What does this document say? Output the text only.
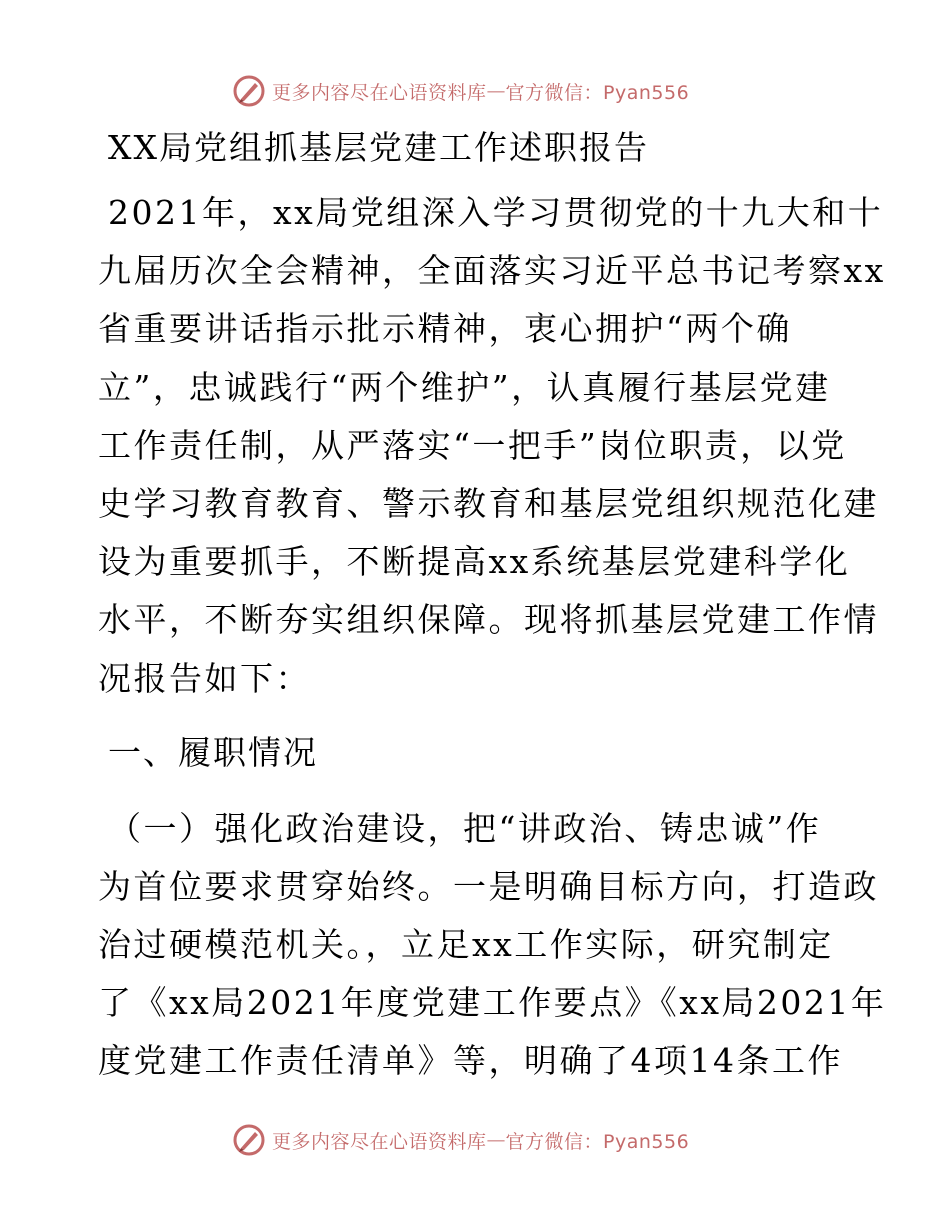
更多内容尽在心语资料库 — 官方微信：Pyan556
XX局党组抓基层党建工作述职报告
2021年，xx局党组深入学习贯彻党的十九大和十
九届历次全会精神，全面落实习近平总书记考察xx
省重要讲话指示批示精神，衷心拥护“两个确
立”，忠诚践行“两个维护”，认真履行基层党建
工作责任制，从严落实“一把手”岗位职责，以党
史学习教育教育、警示教育和基层党组织规范化建
设为重要抓手，不断提高xx系统基层党建科学化
水平，不断夯实组织保障。现将抓基层党建工作情
况报告如下：
一、履职情况
（一）强化政治建设，把“讲政治、铸忠诚”作
为首位要求贯穿始终。一是明确目标方向，打造政
治过硬模范机关。，立足xx工作实际，研究制定
了《xx局2021年度党建工作要点》《xx局2021年
度党建工作责任清单》等，明确了4项14条工作
更多内容尽在心语资料库 — 官方微信：Pyan556
